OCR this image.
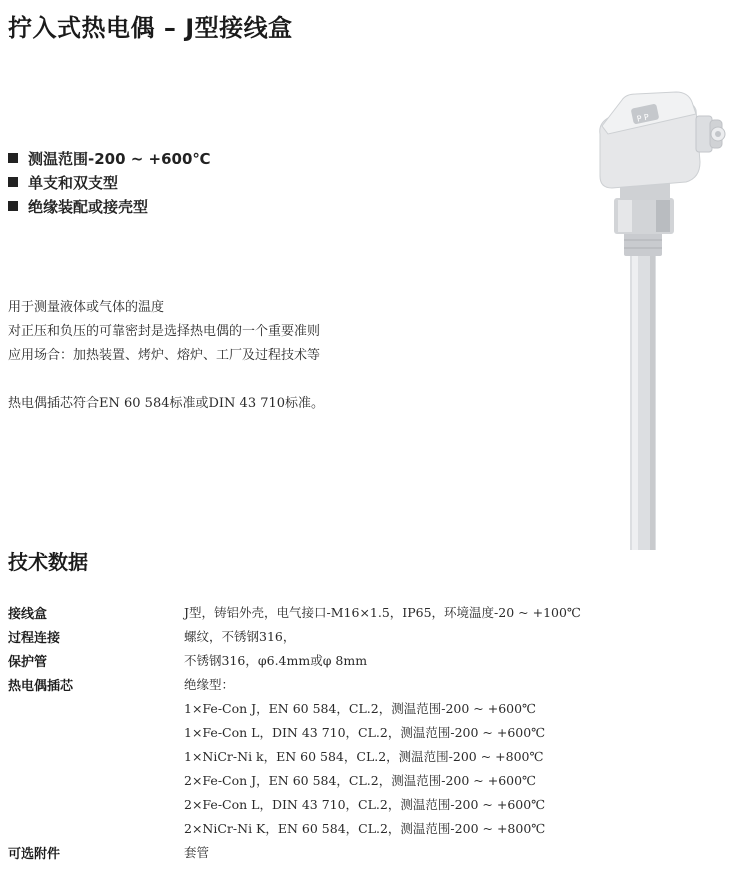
拧入式热电偶 – J型接线盒
测温范围-200 ~ +600℃
单支和双支型
绝缘装配或接壳型
用于测量液体或气体的温度
对正压和负压的可靠密封是选择热电偶的一个重要准则
应用场合：加热装置、烤炉、熔炉、工厂及过程技术等
热电偶插芯符合EN 60 584标准或DIN 43 710标准。
P P
技术数据
接线盒	J型，铸铝外壳，电气接口-M16×1.5，IP65，环境温度-20 ~ +100℃
过程连接	螺纹，不锈钢316，
保护管	不锈钢316，φ6.4mm或φ 8mm
热电偶插芯	绝缘型：
1×Fe-Con J，EN 60 584，CL.2，测温范围-200 ~ +600℃
1×Fe-Con L，DIN 43 710，CL.2，测温范围-200 ~ +600℃
1×NiCr-Ni k，EN 60 584，CL.2，测温范围-200 ~ +800℃
2×Fe-Con J，EN 60 584，CL.2，测温范围-200 ~ +600℃
2×Fe-Con L，DIN 43 710，CL.2，测温范围-200 ~ +600℃
2×NiCr-Ni K，EN 60 584，CL.2，测温范围-200 ~ +800℃
可选附件	套管
